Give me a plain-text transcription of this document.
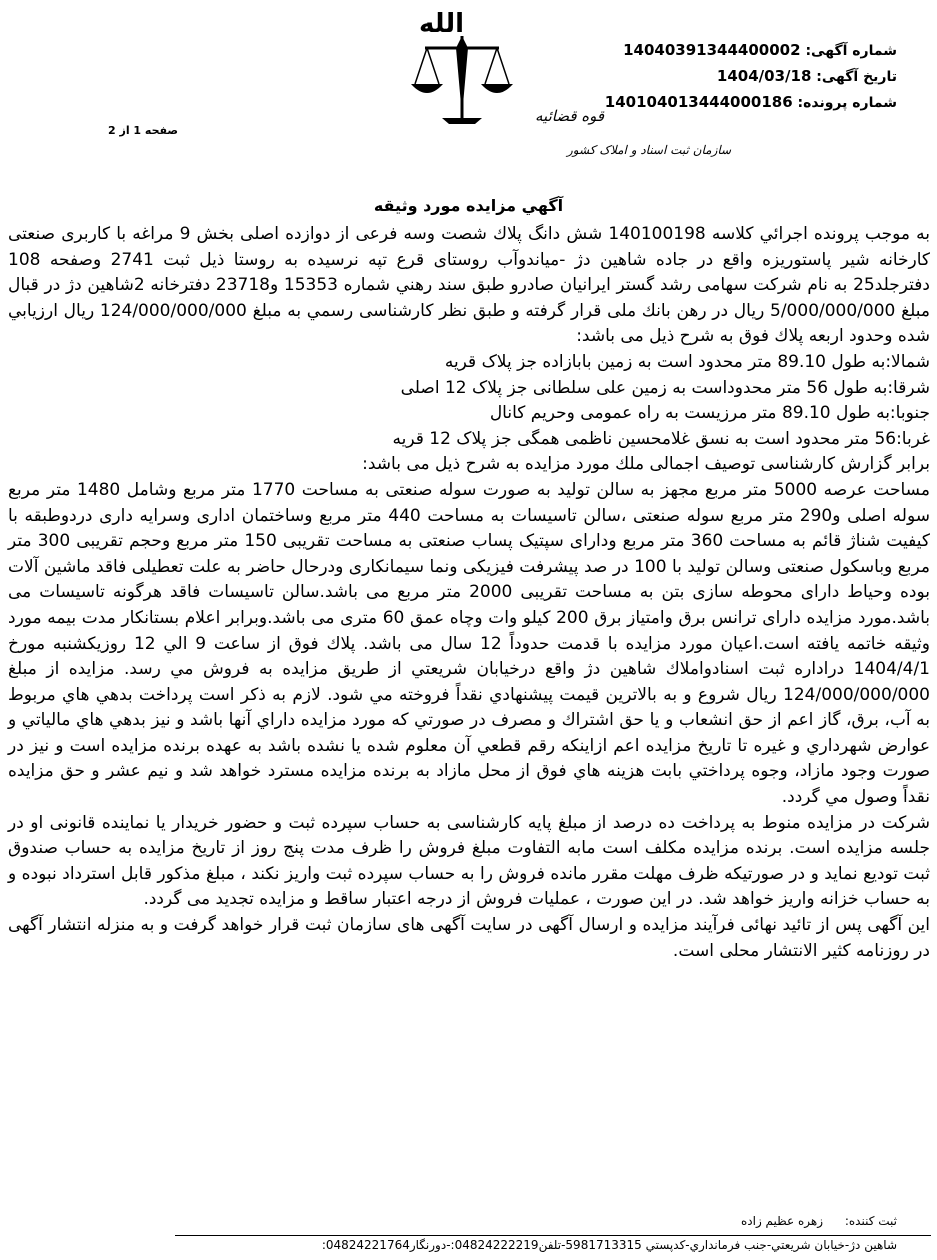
شماره آگهی: 14040391344400002
تاریخ آگهی: 1404/03/18
شماره پرونده: 140104013444000186
الله
قوه قضائیه
سازمان ثبت اسناد و املاک کشور
صفحه 1 از 2
آگهي مزايده مورد وثيقه

به موجب پرونده اجرائي كلاسه 140100198 شش دانگ پلاك شصت وسه فرعی از دوازده اصلی بخش 9 مراغه با کاربری صنعتی کارخانه شیر پاستوریزه واقع در جاده شاهین دژ -میاندوآب روستای قرع تپه نرسیده به روستا ذیل ثبت 2741 وصفحه 108 دفترجلد25 به نام شرکت سهامی رشد گستر ایرانیان صادرو طبق سند رهني شماره 15353 و23718 دفترخانه 2شاهین دژ در قبال مبلغ 5/000/000/000 ریال در رهن بانك ملی قرار گرفته و طبق نظر كارشناسی رسمي به مبلغ 124/000/000/000 ريال ارزيابي شده وحدود اربعه پلاك فوق به شرح ذيل می باشد:

شمالا:به طول 89.10 متر محدود است به زمین بابازاده جز پلاک قریه

شرقا:به طول 56 متر محدوداست به زمین علی سلطانی جز پلاک 12 اصلی

جنوبا:به طول 89.10 متر مرزیست به راه عمومی وحریم کانال

غربا:56 متر محدود است به نسق غلامحسین ناظمی همگی جز پلاک 12 قریه

برابر گزارش كارشناسی توصيف اجمالی ملك مورد مزايده به شرح ذيل می باشد:

مساحت عرصه 5000 متر مربع مجهز به سالن تولید به صورت سوله صنعتی به مساحت 1770 متر مربع وشامل 1480 متر مربع سوله اصلی و290 متر مربع سوله صنعتی ،سالن تاسیسات به مساحت 440 متر مربع وساختمان اداری وسرایه داری دردوطبقه با کیفیت شناژ قائم به مساحت 360 متر مربع ودارای سپتیک پساب صنعتی به مساحت تقریبی 150 متر مربع وحجم تقریبی 300 متر مربع وباسکول صنعتی وسالن تولید با 100 در صد پیشرفت فیزیکی ونما سیمانکاری ودرحال حاضر به علت تعطیلی فاقد ماشین آلات بوده وحیاط دارای محوطه سازی بتن به مساحت تقریبی 2000 متر مربع می باشد.سالن تاسیسات فاقد هرگونه تاسیسات می باشد.مورد مزایده دارای ترانس برق وامتیاز برق 200 کیلو وات وچاه عمق 60 متری می باشد.وبرابر اعلام بستانکار مدت بیمه مورد وثیقه خاتمه یافته است.اعیان مورد مزایده با قدمت حدوداً 12 سال می باشد. پلاك فوق از ساعت 9 الي 12 روزيكشنبه مورخ 1404/4/1 دراداره ثبت اسنادواملاك شاهين دژ واقع درخيابان شريعتي از طريق مزايده به فروش مي رسد. مزايده از مبلغ 124/000/000/000 ريال شروع و به بالاترين قيمت پيشنهادي نقداً فروخته مي شود. لازم به ذكر است پرداخت بدهي هاي مربوط به آب، برق، گاز اعم از حق انشعاب و يا حق اشتراك و مصرف در صورتي كه مورد مزايده داراي آنها باشد و نيز بدهي هاي مالياتي و عوارض شهرداري و غيره تا تاريخ مزايده اعم ازاينكه رقم قطعي آن معلوم شده يا نشده باشد به عهده برنده مزايده است و نيز در صورت وجود مازاد، وجوه پرداختي بابت هزينه هاي فوق از محل مازاد به برنده مزايده مسترد خواهد شد و نيم عشر و حق مزايده نقداً وصول مي گردد.

شرکت در مزایده منوط به پرداخت ده درصد از مبلغ پایه کارشناسی به حساب سپرده ثبت و حضور خریدار یا نماینده قانونی او در جلسه مزایده است. برنده مزایده مکلف است مابه التفاوت مبلغ فروش را ظرف مدت پنج روز از تاریخ مزایده به حساب صندوق ثبت تودیع نماید و در صورتیکه ظرف مهلت مقرر مانده فروش را به حساب سپرده ثبت واریز نکند ، مبلغ مذکور قابل استرداد نبوده و به حساب خزانه واریز خواهد شد. در این صورت ، عملیات فروش از درجه اعتبار ساقط و مزایده تجدید می گردد.

این آگهی پس از تائید نهائی فرآیند مزایده و ارسال آگهی در سایت آگهی های سازمان ثبت قرار خواهد گرفت و به منزله انتشار آگهی در روزنامه کثیر الانتشار محلی است.

ثبت کننده: زهره عظیم زاده
شاهين دژ-خيابان شريعتي-جنب فرمانداري-كدپستي 5981713315-تلفن04824222219:-دورنگار04824221764:
